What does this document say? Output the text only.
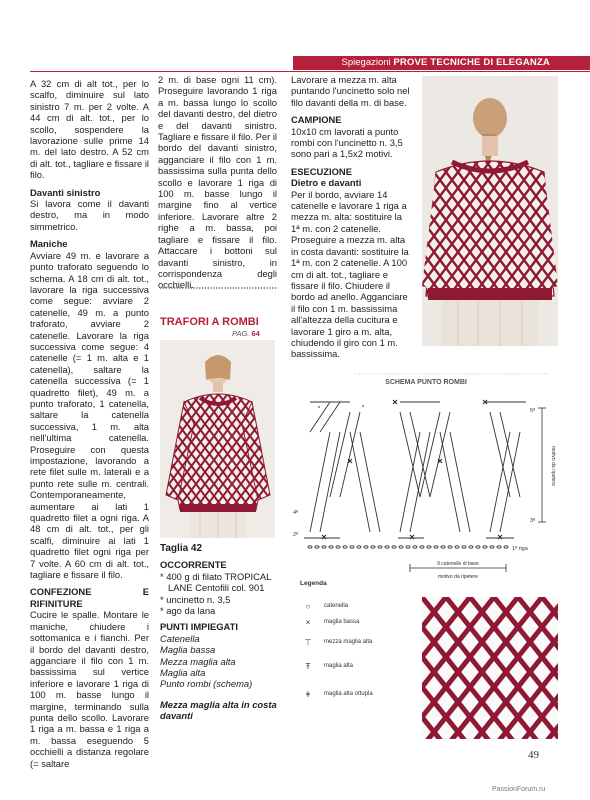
Spiegazioni PROVE TECNICHE DI ELEGANZA

A 32 cm di alt tot., per lo scalfo, diminuire sul lato sinistro 7 m. per 2 volte. A 44 cm di alt. tot., per lo scollo, sospendere la lavorazione sulle prime 14 m. del lato destro. A 52 cm di alt. tot., tagliare e fissare il filo.

Davanti sinistro

Si lavora come il davanti destro, ma in modo simmetrico.

Maniche

Avviare 49 m. e lavorare a punto traforato seguendo lo schema. A 18 cm di alt. tot., lavorare la riga successiva come segue: avviare 2 catenelle, 49 m. a punto traforato, avviare 2 catenelle. Lavorare la riga successiva come segue: 4 catenelle (= 1 m. alta e 1 catenella), saltare la catenella successiva (= 1 quadretto filet), 49 m. a punto traforato, 1 catenella, saltare la catenella successiva, 1 m. alta nell'ultima catenella. Proseguire con questa impostazione, lavorando a rete filet sulle m. laterali e a punto rete sulle m. centrali. Contemporaneamente, aumentare ai lati 1 quadretto filet a ogni riga. A 48 cm di alt. tot., per gli scalfi, diminuire ai lati 1 quadretto filet ogni riga per 7 volte. A 60 cm di alt. tot., tagliare e fissare il filo.

CONFEZIONE E RIFINITURE

Cucire le spalle. Montare le maniche, chiudere i sottomanica e i fianchi. Per il bordo del davanti destro, agganciare il filo con 1 m. bassissima sul vertice inferiore e lavorare 1 riga di 100 m. basse lungo il margine, terminando sulla punta dello scollo. Lavorare 1 riga a m. bassa e 1 riga a m. bassa eseguendo 5 occhielli a distanza regolare (= saltare

2 m. di base ogni 11 cm). Proseguire lavorando 1 riga a m. bassa lungo lo scollo del davanti destro, del dietro e del davanti sinistro. Tagliare e fissare il filo. Per il bordo del davanti sinistro, agganciare il filo con 1 m. bassissima sulla punta dello scollo e lavorare 1 riga di 100 m. basse lungo il margine fino al vertice inferiore. Lavorare altre 2 righe a m. bassa, poi tagliare e fissare il filo. Attaccare i bottoni sul davanti sinistro, in corrispondenza degli occhielli.

TRAFORI A ROMBI
PAG. 64

Taglia 42

OCCORRENTE

* 400 g di filato TROPICAL LANE Centofili col. 901

* uncinetto n. 3,5

* ago da lana

PUNTI IMPIEGATI

Catenella

Maglia bassa

Mezza maglia alta

Maglia alta

Punto rombi (schema)

Mezza maglia alta in costa davanti

Lavorare a mezza m. alta puntando l'uncinetto solo nel filo davanti della m. di base.

CAMPIONE

10x10 cm lavorati a punto rombi con l'uncinetto n. 3,5 sono pari a 1,5x2 motivi.

ESECUZIONE

Dietro e davanti

Per il bordo, avviare 14 catenelle e lavorare 1 riga a mezza m. alta: sostituire la 1ª m. con 2 catenelle. Proseguire a mezza m. alta in costa davanti: sostituire la 1ª m. con 2 catenelle. A 100 cm di alt. tot., tagliare e fissare il filo. Chiudere il bordo ad anello. Agganciare il filo con 1 m. bassissima all'altezza della cucitura e lavorare 1 giro a m. alta, chiudendo il giro con 1 m. bassissima.

SCHEMA PUNTO ROMBI
motivo da ripetere
5ª
4ª
3ª
2ª
1ª riga
9 catenelle di base
motivo da ripetere
Legenda
○	catenella
×	maglia bassa
⊤	mezza maglia alta
Ŧ	maglia alta
ǂ	maglia alta ottupla
49
PassionForum.ru
